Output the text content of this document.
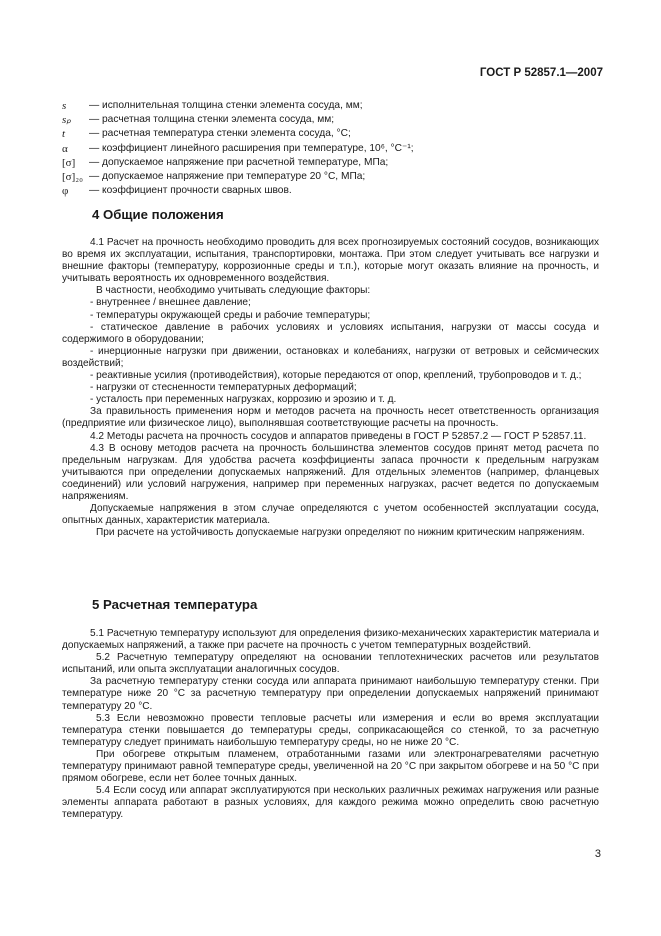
ГОСТ Р 52857.1—2007
s	— исполнительная толщина стенки элемента сосуда, мм;
sₚ	— расчетная толщина стенки элемента сосуда, мм;
t	— расчетная температура стенки элемента сосуда, °С;
α	— коэффициент линейного расширения при температуре, 10⁶, °С⁻¹;
[σ]	— допускаемое напряжение при расчетной температуре, МПа;
[σ]₂₀ — допускаемое напряжение при температуре 20 °С, МПа;
φ	— коэффициент прочности сварных швов.
4 Общие положения

4.1 Расчет на прочность необходимо проводить для всех прогнозируемых состояний сосудов, возникающих во время их эксплуатации, испытания, транспортировки, монтажа. При этом следует учитывать все нагрузки и внешние факторы (температуру, коррозионные среды и т.п.), которые могут оказать влияние на прочность, и учитывать вероятность их одновременного воздействия.

В частности, необходимо учитывать следующие факторы:

- внутреннее / внешнее давление;

- температуры окружающей среды и рабочие температуры;

- статическое давление в рабочих условиях и условиях испытания, нагрузки от массы сосуда и содержимого в оборудовании;

- инерционные нагрузки при движении, остановках и колебаниях, нагрузки от ветровых и сейсмических воздействий;

- реактивные усилия (противодействия), которые передаются от опор, креплений, трубопроводов и т. д.;

- нагрузки от стесненности температурных деформаций;

- усталость при переменных нагрузках, коррозию и эрозию и т. д.

За правильность применения норм и методов расчета на прочность несет ответственность организация (предприятие или физическое лицо), выполнявшая соответствующие расчеты на прочность.

4.2 Методы расчета на прочность сосудов и аппаратов приведены в ГОСТ Р 52857.2 — ГОСТ Р 52857.11.

4.3 В основу методов расчета на прочность большинства элементов сосудов принят метод расчета по предельным нагрузкам. Для удобства расчета коэффициенты запаса прочности к предельным нагрузкам учитываются при определении допускаемых напряжений. Для отдельных элементов (например, фланцевых соединений) или условий нагружения, например при переменных нагрузках, расчет ведется по допускаемым напряжениям.

Допускаемые напряжения в этом случае определяются с учетом особенностей эксплуатации сосуда, опытных данных, характеристик материала.

При расчете на устойчивость допускаемые нагрузки определяют по нижним критическим напряжениям.

5 Расчетная температура

5.1 Расчетную температуру используют для определения физико-механических характеристик материала и допускаемых напряжений, а также при расчете на прочность с учетом температурных воздействий.

5.2 Расчетную температуру определяют на основании теплотехнических расчетов или результатов испытаний, или опыта эксплуатации аналогичных сосудов.

За расчетную температуру стенки сосуда или аппарата принимают наибольшую температуру стенки. При температуре ниже 20 °С за расчетную температуру при определении допускаемых напряжений принимают температуру 20 °С.

5.3 Если невозможно провести тепловые расчеты или измерения и если во время эксплуатации температура стенки повышается до температуры среды, соприкасающейся со стенкой, то за расчетную температуру следует принимать наибольшую температуру среды, но не ниже 20 °С.

При обогреве открытым пламенем, отработанными газами или электронагревателями расчетную температуру принимают равной температуре среды, увеличенной на 20 °С при закрытом обогреве и на 50 °С при прямом обогреве, если нет более точных данных.

5.4 Если сосуд или аппарат эксплуатируются при нескольких различных режимах нагружения или разные элементы аппарата работают в разных условиях, для каждого режима можно определить свою расчетную температуру.

3
